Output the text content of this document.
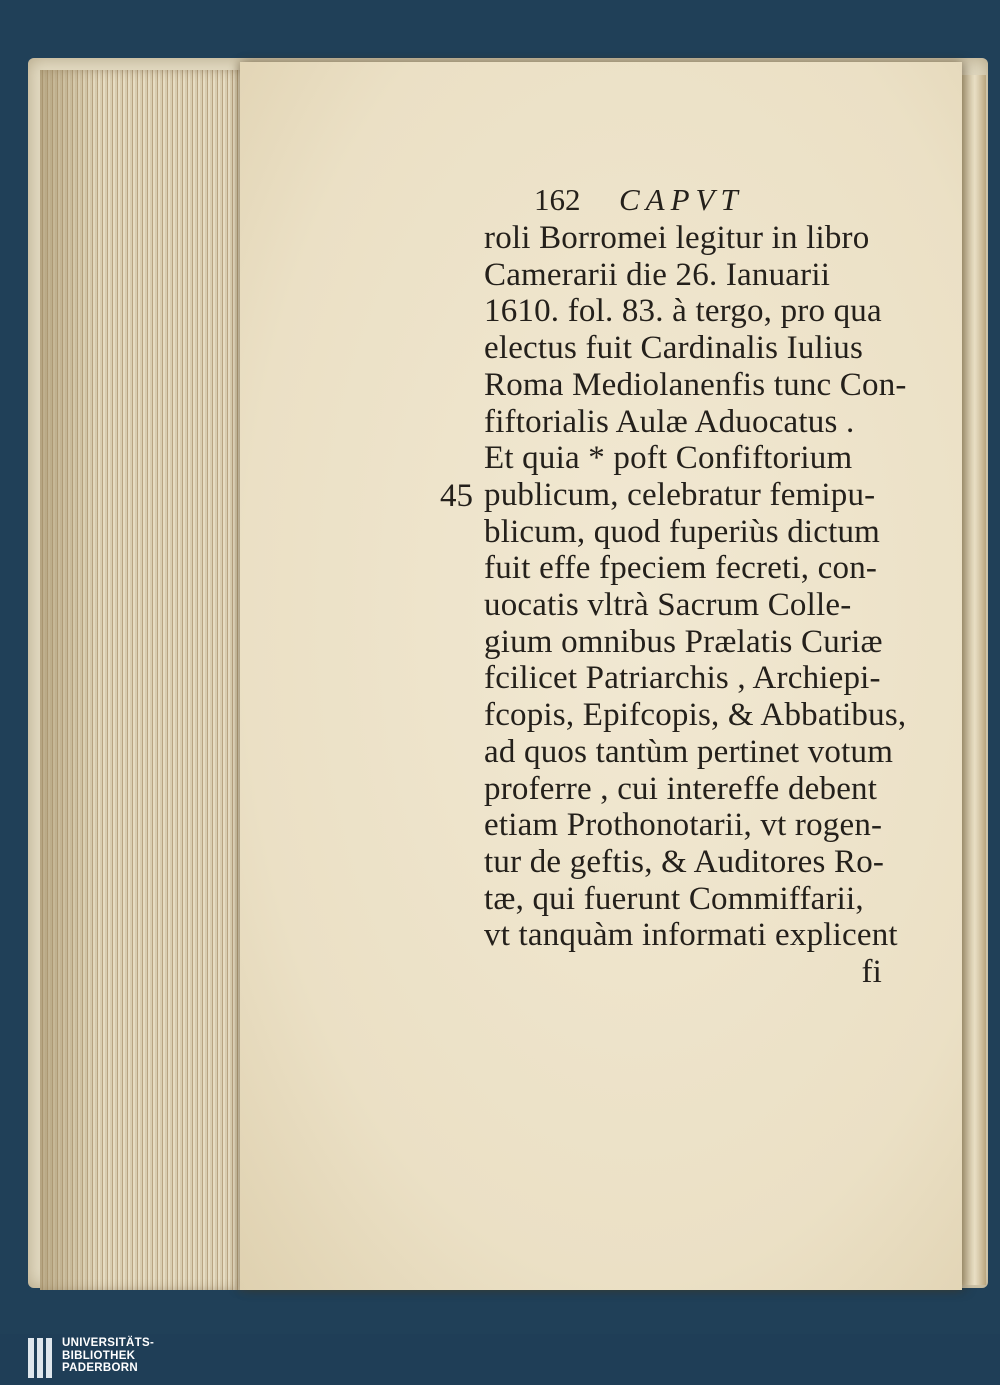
45
162 CAPVT
roli Borromei legitur in libro
Camerarii die 26. Ianuarii
1610. fol. 83. à tergo, pro qua
electus fuit Cardinalis Iulius
Roma Mediolanenfis tunc Con-
fiftorialis Aulæ Aduocatus .
Et quia * poft Confiftorium
publicum, celebratur femipu-
blicum, quod fuperiùs dictum
fuit effe fpeciem fecreti, con-
uocatis vltrà Sacrum Colle-
gium omnibus Prælatis Curiæ
fcilicet Patriarchis , Archiepi-
fcopis, Epifcopis, & Abbatibus,
ad quos tantùm pertinet votum
proferre , cui intereffe debent
etiam Prothonotarii, vt rogen-
tur de geftis, & Auditores Ro-
tæ, qui fuerunt Commiffarii,
vt tanquàm informati explicent
fi
UNIVERSITÄTS-
BIBLIOTHEK
PADERBORN
